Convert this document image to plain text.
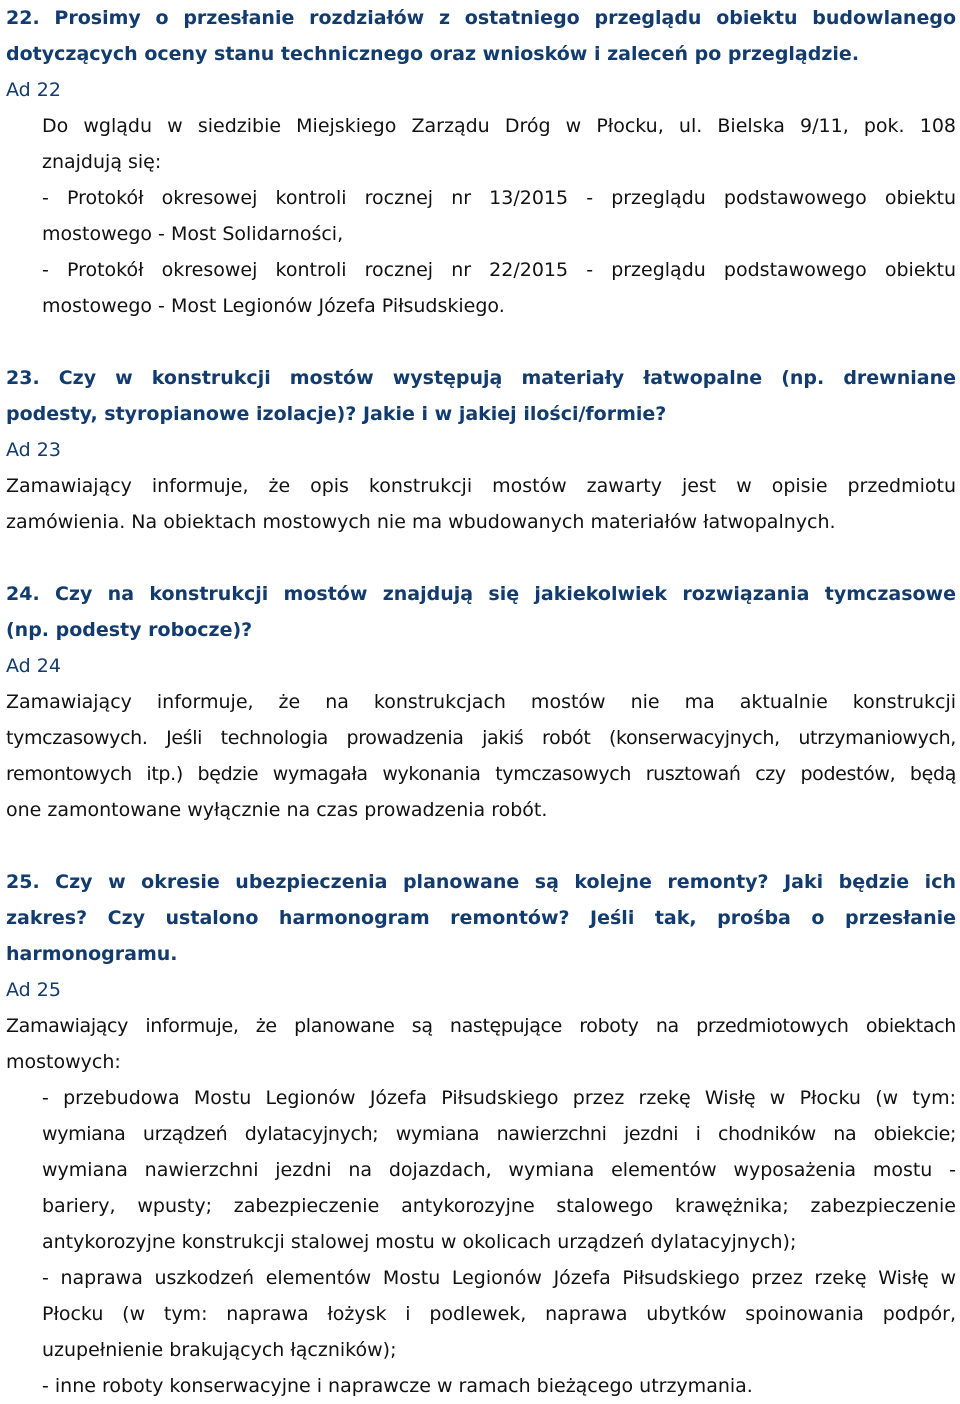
22. Prosimy o przesłanie rozdziałów z ostatniego przeglądu obiektu budowlanego
dotyczących oceny stanu technicznego oraz wniosków i zaleceń po przeglądzie.
Ad 22
Do wglądu w siedzibie Miejskiego Zarządu Dróg w Płocku, ul. Bielska 9/11, pok. 108
znajdują się:
- Protokół okresowej kontroli rocznej nr 13/2015 - przeglądu podstawowego obiektu
mostowego - Most Solidarności,
- Protokół okresowej kontroli rocznej nr 22/2015 - przeglądu podstawowego obiektu
mostowego - Most Legionów Józefa Piłsudskiego.
23. Czy w konstrukcji mostów występują materiały łatwopalne (np. drewniane
podesty, styropianowe izolacje)? Jakie i w jakiej ilości/formie?
Ad 23
Zamawiający informuje, że opis konstrukcji mostów zawarty jest w opisie przedmiotu
zamówienia. Na obiektach mostowych nie ma wbudowanych materiałów łatwopalnych.
24. Czy na konstrukcji mostów znajdują się jakiekolwiek rozwiązania tymczasowe
(np. podesty robocze)?
Ad 24
Zamawiający informuje, że na konstrukcjach mostów nie ma aktualnie konstrukcji
tymczasowych. Jeśli technologia prowadzenia jakiś robót (konserwacyjnych, utrzymaniowych,
remontowych itp.) będzie wymagała wykonania tymczasowych rusztowań czy podestów, będą
one zamontowane wyłącznie na czas prowadzenia robót.
25. Czy w okresie ubezpieczenia planowane są kolejne remonty? Jaki będzie ich
zakres? Czy ustalono harmonogram remontów? Jeśli tak, prośba o przesłanie
harmonogramu.
Ad 25
Zamawiający informuje, że planowane są następujące roboty na przedmiotowych obiektach
mostowych:
- przebudowa Mostu Legionów Józefa Piłsudskiego przez rzekę Wisłę w Płocku (w tym:
wymiana urządzeń dylatacyjnych; wymiana nawierzchni jezdni i chodników na obiekcie;
wymiana nawierzchni jezdni na dojazdach, wymiana elementów wyposażenia mostu -
bariery, wpusty; zabezpieczenie antykorozyjne stalowego krawężnika; zabezpieczenie
antykorozyjne konstrukcji stalowej mostu w okolicach urządzeń dylatacyjnych);
- naprawa uszkodzeń elementów Mostu Legionów Józefa Piłsudskiego przez rzekę Wisłę w
Płocku (w tym: naprawa łożysk i podlewek, naprawa ubytków spoinowania podpór,
uzupełnienie brakujących łączników);
- inne roboty konserwacyjne i naprawcze w ramach bieżącego utrzymania.
